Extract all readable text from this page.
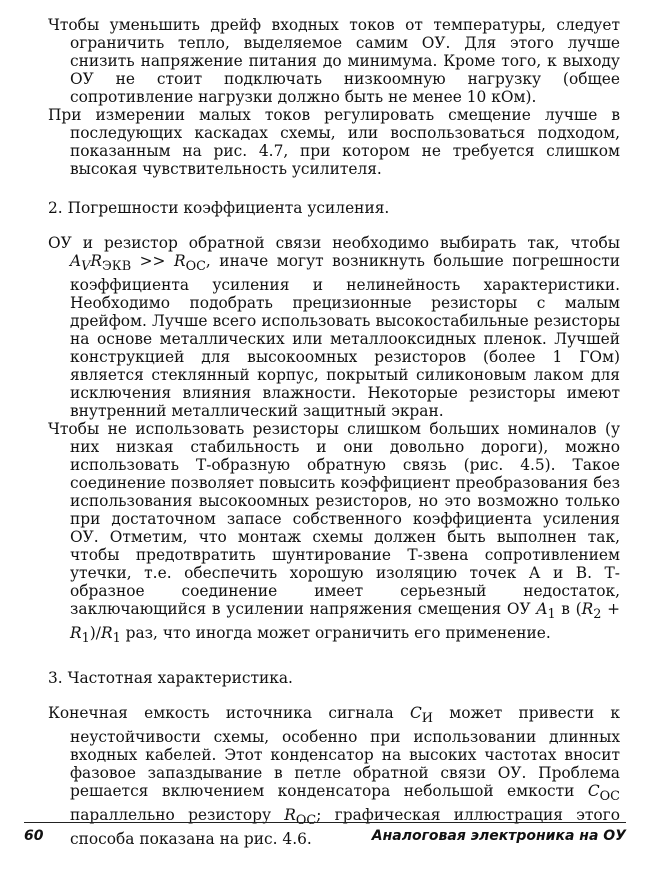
Чтобы уменьшить дрейф входных токов от температуры, следует ограничить тепло, выделяемое самим ОУ. Для этого лучше снизить напряжение питания до минимума. Кроме того, к выходу ОУ не стоит подключать низкоомную нагрузку (общее сопротивление нагрузки должно быть не менее 10 кОм).

При измерении малых токов регулировать смещение лучше в последующих каскадах схемы, или воспользоваться подходом, показанным на рис. 4.7, при котором не требуется слишком высокая чувствительность усилителя.

2. Погрешности коэффициента усиления.

ОУ и резистор обратной связи необходимо выбирать так, чтобы $A_VR_{ЭКВ} >> R_{OC}$, иначе могут возникнуть большие погрешности коэффициента усиления и нелинейность характеристики. Необходимо подобрать прецизионные резисторы с малым дрейфом. Лучше всего использовать высокостабильные резисторы на основе металлических или металлооксидных пленок. Лучшей конструкцией для высокоомных резисторов (более 1 ГОм) является стеклянный корпус, покрытый силиконовым лаком для исключения влияния влажности. Некоторые резисторы имеют внутренний металлический защитный экран.

Чтобы не использовать резисторы слишком больших номиналов (у них низкая стабильность и они довольно дороги), можно использовать Т-образную обратную связь (рис. 4.5). Такое соединение позволяет повысить коэффициент преобразования без использования высокоомных резисторов, но это возможно только при достаточном запасе собственного коэффициента усиления ОУ. Отметим, что монтаж схемы должен быть выполнен так, чтобы предотвратить шунтирование Т-звена сопротивлением утечки, т.е. обеспечить хорошую изоляцию точек А и В. Т-образное соединение имеет серьезный недостаток, заключающийся в усилении напряжения смещения ОУ $A_1$ в $(R_2 + R_1)/R_1$ раз, что иногда может ограничить его применение.

3. Частотная характеристика.

Конечная емкость источника сигнала $C_И$ может привести к неустойчивости схемы, особенно при использовании длинных входных кабелей. Этот конденсатор на высоких частотах вносит фазовое запаздывание в петле обратной связи ОУ. Проблема решается включением конденсатора небольшой емкости $C_{OC}$ параллельно резистору $R_{OC}$; графическая иллюстрация этого способа показана на рис. 4.6.

60	Аналоговая электроника на ОУ
